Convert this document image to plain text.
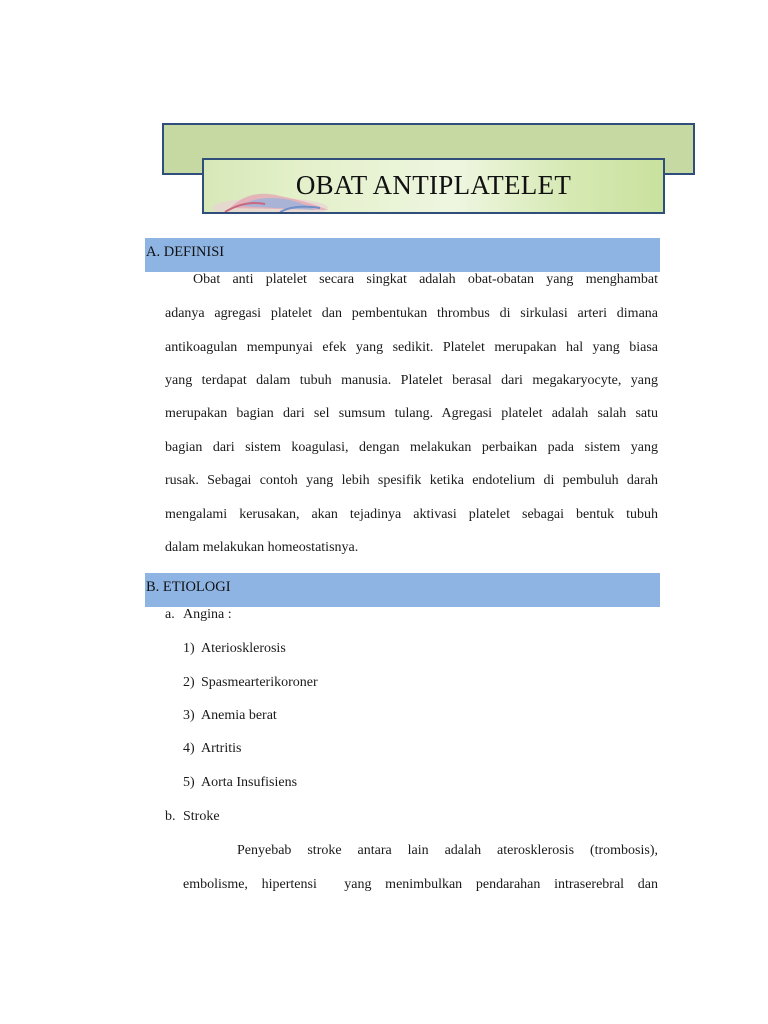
OBAT ANTIPLATELET
A. DEFINISI
Obat anti platelet secara singkat adalah obat-obatan yang menghambat
adanya agregasi platelet dan pembentukan thrombus di sirkulasi arteri dimana
antikoagulan mempunyai efek yang sedikit. Platelet merupakan hal yang biasa
yang terdapat dalam tubuh manusia. Platelet berasal dari megakaryocyte, yang
merupakan bagian dari sel sumsum tulang. Agregasi platelet adalah salah satu
bagian dari sistem koagulasi, dengan melakukan perbaikan pada sistem yang
rusak. Sebagai contoh yang lebih spesifik ketika endotelium di pembuluh darah
mengalami kerusakan, akan tejadinya aktivasi platelet sebagai bentuk tubuh
dalam melakukan homeostatisnya.
B. ETIOLOGI
a. Angina :
1) Ateriosklerosis
2) Spasmearterikoroner
3) Anemia berat
4) Artritis
5) Aorta Insufisiens
b. Stroke
Penyebab stroke antara lain adalah aterosklerosis (trombosis),
embolisme, hipertensi  yang menimbulkan pendarahan intraserebral dan
